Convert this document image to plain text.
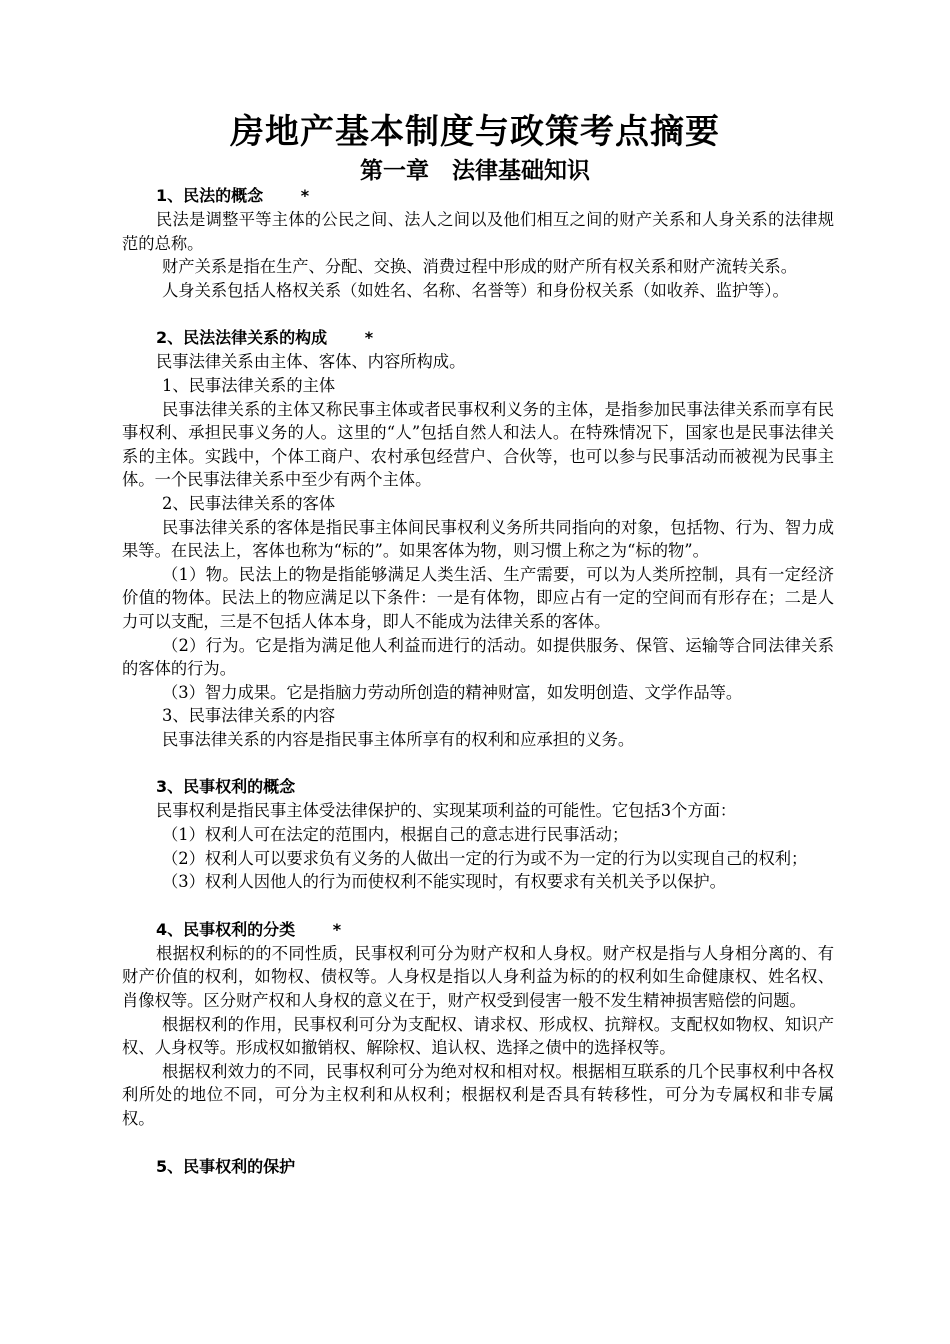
房地产基本制度与政策考点摘要
第一章　法律基础知识
1、民法的概念　　 *

民法是调整平等主体的公民之间、法人之间以及他们相互之间的财产关系和人身关系的法律规范的总称。

财产关系是指在生产、分配、交换、消费过程中形成的财产所有权关系和财产流转关系。

人身关系包括人格权关系（如姓名、名称、名誉等）和身份权关系（如收养、监护等）。

2、民法法律关系的构成　　 *

民事法律关系由主体、客体、内容所构成。

1、民事法律关系的主体

民事法律关系的主体又称民事主体或者民事权利义务的主体，是指参加民事法律关系而享有民事权利、承担民事义务的人。这里的“人”包括自然人和法人。在特殊情况下，国家也是民事法律关系的主体。实践中，个体工商户、农村承包经营户、合伙等，也可以参与民事活动而被视为民事主体。一个民事法律关系中至少有两个主体。

2、民事法律关系的客体

民事法律关系的客体是指民事主体间民事权利义务所共同指向的对象，包括物、行为、智力成果等。在民法上，客体也称为“标的”。如果客体为物，则习惯上称之为“标的物”。

（1）物。民法上的物是指能够满足人类生活、生产需要，可以为人类所控制，具有一定经济价值的物体。民法上的物应满足以下条件：一是有体物，即应占有一定的空间而有形存在；二是人力可以支配，三是不包括人体本身，即人不能成为法律关系的客体。

（2）行为。它是指为满足他人利益而进行的活动。如提供服务、保管、运输等合同法律关系的客体的行为。

（3）智力成果。它是指脑力劳动所创造的精神财富，如发明创造、文学作品等。

3、民事法律关系的内容

民事法律关系的内容是指民事主体所享有的权利和应承担的义务。

3、民事权利的概念

民事权利是指民事主体受法律保护的、实现某项利益的可能性。它包括3个方面：

（1）权利人可在法定的范围内，根据自己的意志进行民事活动；

（2）权利人可以要求负有义务的人做出一定的行为或不为一定的行为以实现自己的权利；

（3）权利人因他人的行为而使权利不能实现时，有权要求有关机关予以保护。

4、民事权利的分类　　 *

根据权利标的的不同性质，民事权利可分为财产权和人身权。财产权是指与人身相分离的、有财产价值的权利，如物权、债权等。人身权是指以人身利益为标的的权利如生命健康权、姓名权、肖像权等。区分财产权和人身权的意义在于，财产权受到侵害一般不发生精神损害赔偿的问题。

根据权利的作用，民事权利可分为支配权、请求权、形成权、抗辩权。支配权如物权、知识产权、人身权等。形成权如撤销权、解除权、追认权、选择之债中的选择权等。

根据权利效力的不同，民事权利可分为绝对权和相对权。根据相互联系的几个民事权利中各权利所处的地位不同，可分为主权利和从权利；根据权利是否具有转移性，可分为专属权和非专属权。

5、民事权利的保护
